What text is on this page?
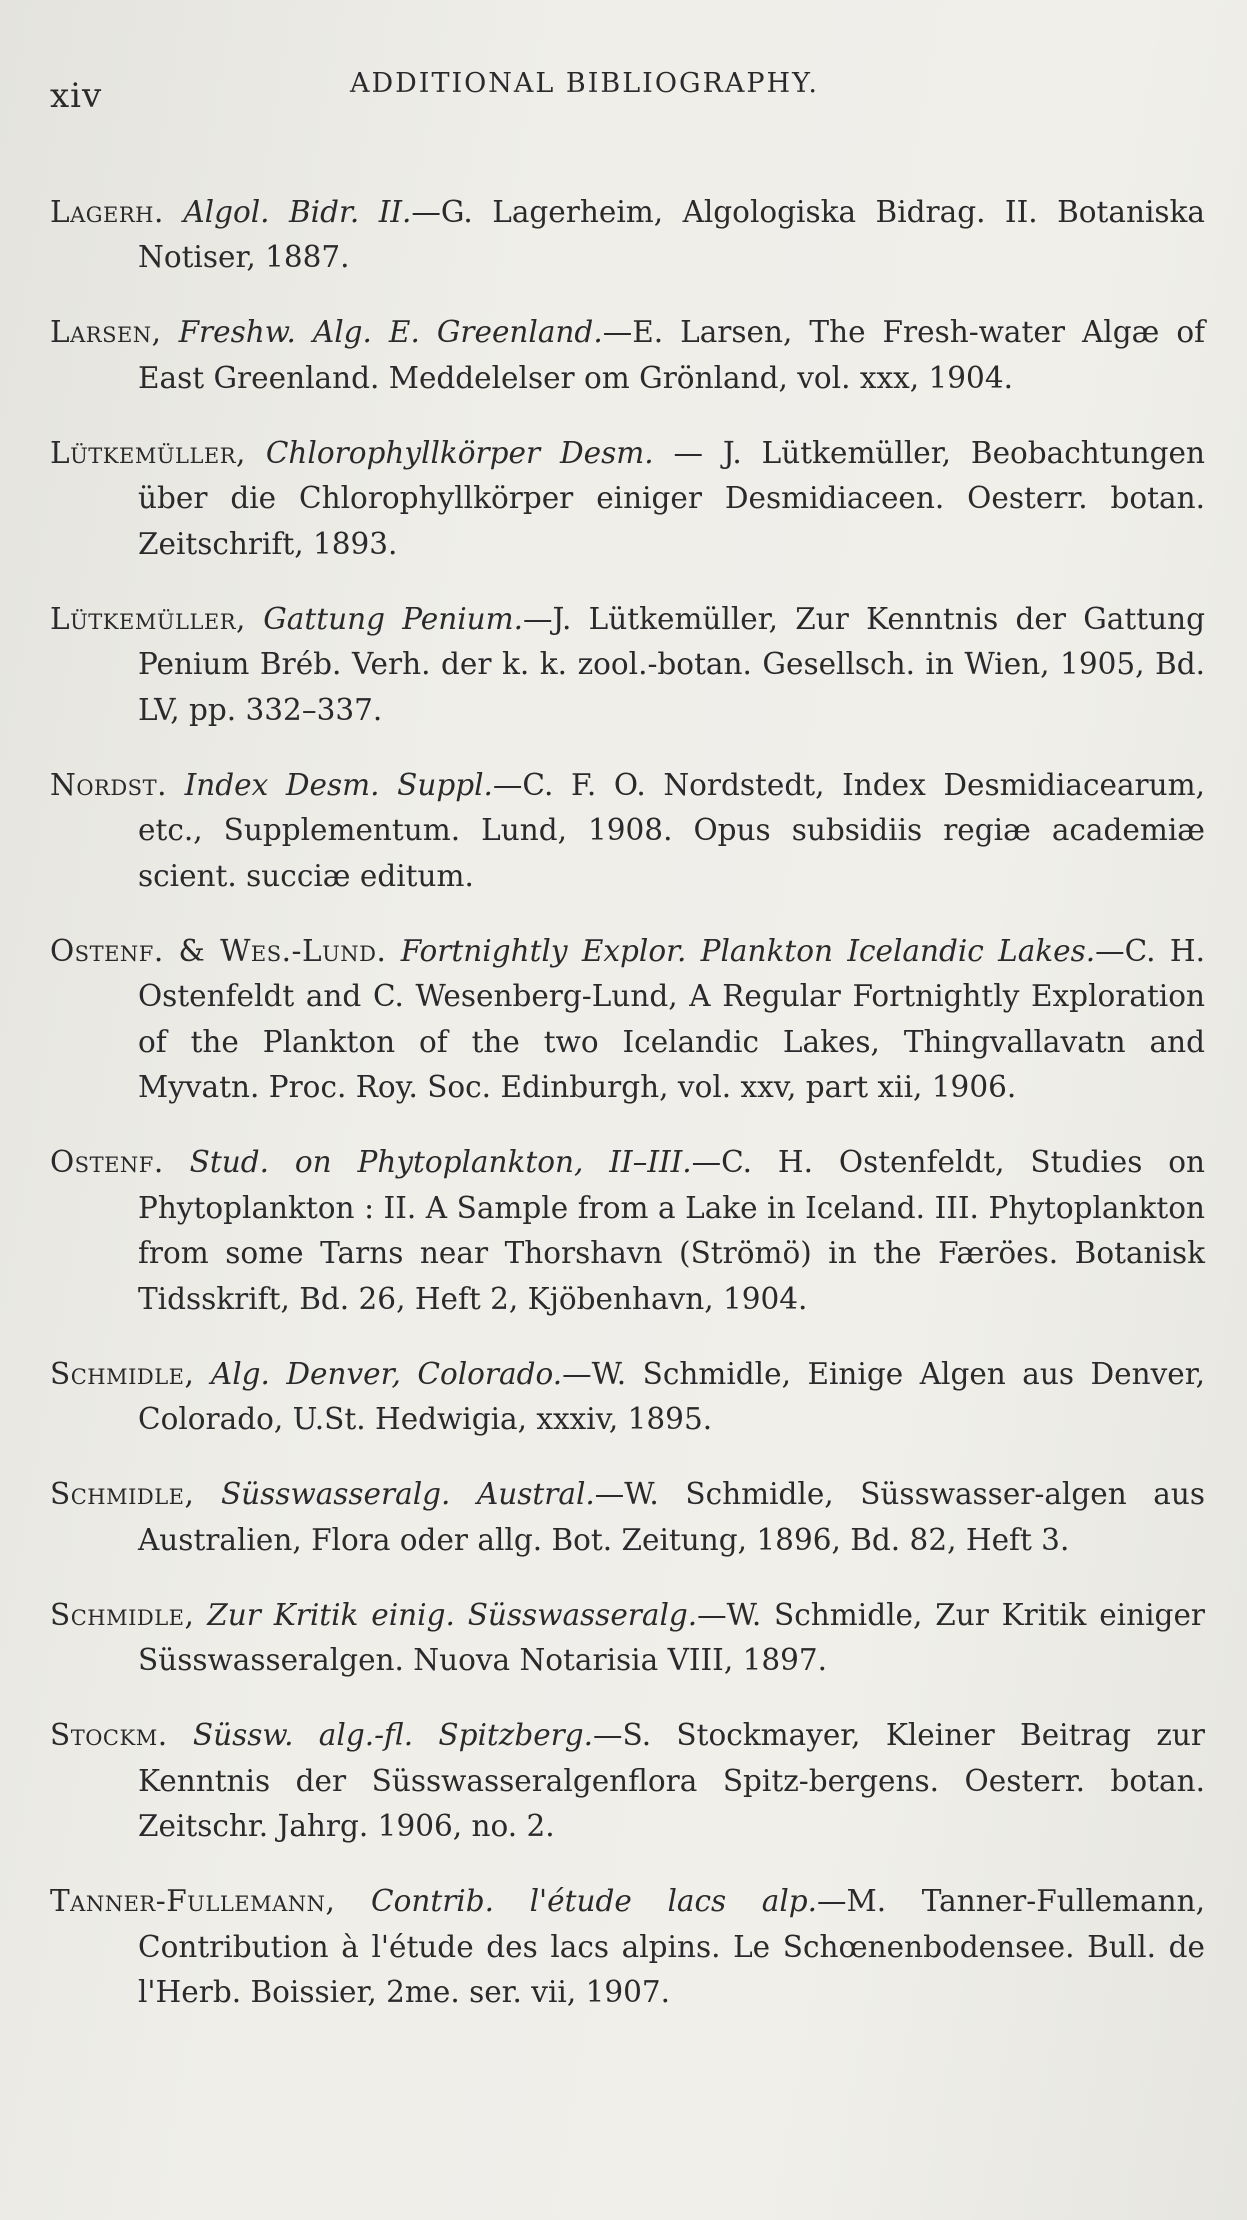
xiv	ADDITIONAL BIBLIOGRAPHY.

Lagerh. Algol. Bidr. II.—G. Lagerheim, Algologiska Bidrag. II. Botaniska Notiser, 1887.

Larsen, Freshw. Alg. E. Greenland.—E. Larsen, The Fresh-water Algæ of East Greenland. Meddelelser om Grönland, vol. xxx, 1904.

Lütkemüller, Chlorophyllkörper Desm. — J. Lütkemüller, Beobachtungen über die Chlorophyllkörper einiger Desmidiaceen. Oesterr. botan. Zeitschrift, 1893.

Lütkemüller, Gattung Penium.—J. Lütkemüller, Zur Kenntnis der Gattung Penium Bréb. Verh. der k. k. zool.-botan. Gesellsch. in Wien, 1905, Bd. LV, pp. 332–337.

Nordst. Index Desm. Suppl.—C. F. O. Nordstedt, Index Desmidiacearum, etc., Supplementum. Lund, 1908. Opus subsidiis regiæ academiæ scient. succiæ editum.

Ostenf. & Wes.-Lund. Fortnightly Explor. Plankton Icelandic Lakes.—C. H. Ostenfeldt and C. Wesenberg-Lund, A Regular Fortnightly Exploration of the Plankton of the two Icelandic Lakes, Thingvallavatn and Myvatn. Proc. Roy. Soc. Edinburgh, vol. xxv, part xii, 1906.

Ostenf. Stud. on Phytoplankton, II–III.—C. H. Ostenfeldt, Studies on Phytoplankton : II. A Sample from a Lake in Iceland. III. Phytoplankton from some Tarns near Thorshavn (Strömö) in the Færöes. Botanisk Tidsskrift, Bd. 26, Heft 2, Kjöbenhavn, 1904.

Schmidle, Alg. Denver, Colorado.—W. Schmidle, Einige Algen aus Denver, Colorado, U.St. Hedwigia, xxxiv, 1895.

Schmidle, Süsswasseralg. Austral.—W. Schmidle, Süsswasser-algen aus Australien, Flora oder allg. Bot. Zeitung, 1896, Bd. 82, Heft 3.

Schmidle, Zur Kritik einig. Süsswasseralg.—W. Schmidle, Zur Kritik einiger Süsswasseralgen. Nuova Notarisia VIII, 1897.

Stockm. Süssw. alg.-fl. Spitzberg.—S. Stockmayer, Kleiner Beitrag zur Kenntnis der Süsswasseralgenflora Spitz-bergens. Oesterr. botan. Zeitschr. Jahrg. 1906, no. 2.

Tanner-Fullemann, Contrib. l'étude lacs alp.—M. Tanner-Fullemann, Contribution à l'étude des lacs alpins. Le Schœnenbodensee. Bull. de l'Herb. Boissier, 2me. ser. vii, 1907.
